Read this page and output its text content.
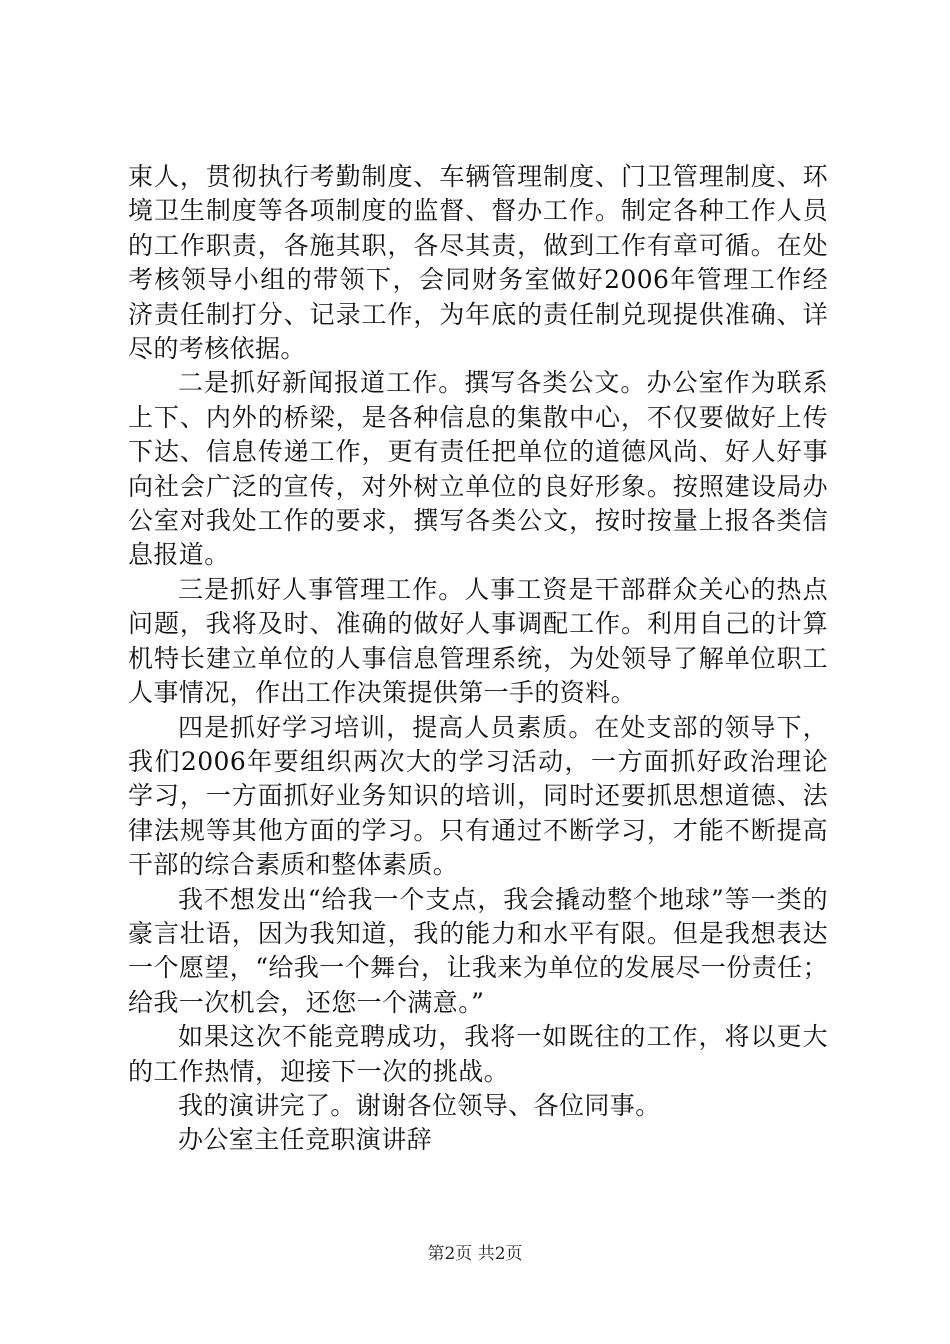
束人，贯彻执行考勤制度、车辆管理制度、门卫管理制度、环境卫生制度等各项制度的监督、督办工作。制定各种工作人员的工作职责，各施其职，各尽其责，做到工作有章可循。在处考核领导小组的带领下，会同财务室做好2006年管理工作经济责任制打分、记录工作，为年底的责任制兑现提供准确、详尽的考核依据。

二是抓好新闻报道工作。撰写各类公文。办公室作为联系上下、内外的桥梁，是各种信息的集散中心，不仅要做好上传下达、信息传递工作，更有责任把单位的道德风尚、好人好事向社会广泛的宣传，对外树立单位的良好形象。按照建设局办公室对我处工作的要求，撰写各类公文，按时按量上报各类信息报道。

三是抓好人事管理工作。人事工资是干部群众关心的热点问题，我将及时、准确的做好人事调配工作。利用自己的计算机特长建立单位的人事信息管理系统，为处领导了解单位职工人事情况，作出工作决策提供第一手的资料。

四是抓好学习培训，提高人员素质。在处支部的领导下，我们2006年要组织两次大的学习活动，一方面抓好政治理论学习，一方面抓好业务知识的培训，同时还要抓思想道德、法律法规等其他方面的学习。只有通过不断学习，才能不断提高干部的综合素质和整体素质。

我不想发出“给我一个支点，我会撬动整个地球”等一类的豪言壮语，因为我知道，我的能力和水平有限。但是我想表达一个愿望，“给我一个舞台，让我来为单位的发展尽一份责任；给我一次机会，还您一个满意。”

如果这次不能竞聘成功，我将一如既往的工作，将以更大的工作热情，迎接下一次的挑战。

我的演讲完了。谢谢各位领导、各位同事。

办公室主任竞职演讲辞

第2页 共2页
